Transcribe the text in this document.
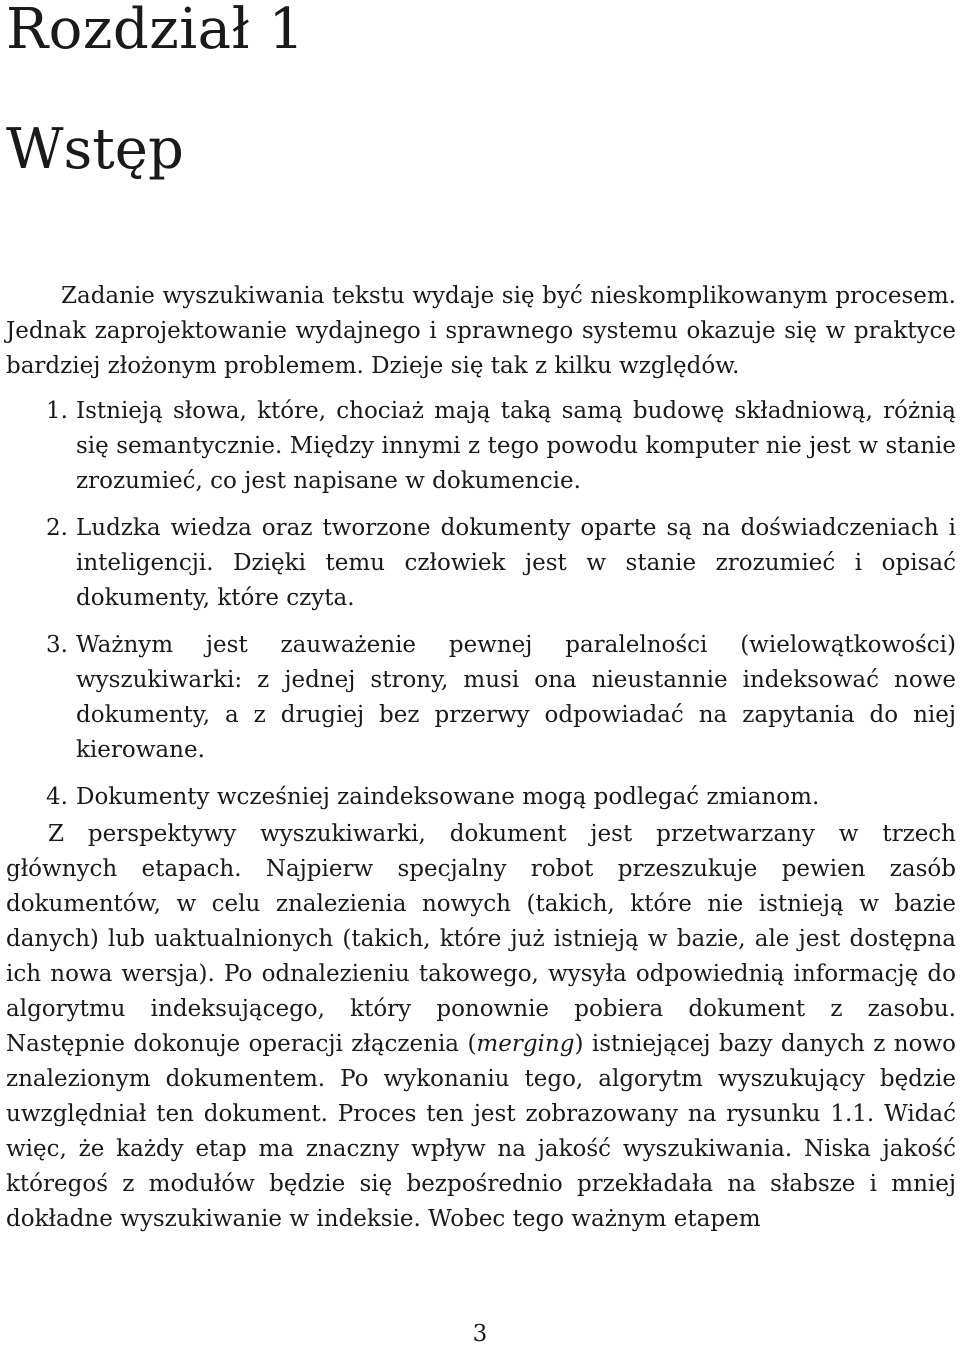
Rozdział 1
Wstęp

Zadanie wyszukiwania tekstu wydaje się być nieskomplikowanym procesem. Jednak zaprojektowanie wydajnego i sprawnego systemu okazuje się w praktyce bardziej złożonym problemem. Dzieje się tak z kilku względów.

1. Istnieją słowa, które, chociaż mają taką samą budowę składniową, różnią się semantycznie. Między innymi z tego powodu komputer nie jest w stanie zrozumieć, co jest napisane w dokumencie.
2. Ludzka wiedza oraz tworzone dokumenty oparte są na doświadczeniach i inteligencji. Dzięki temu człowiek jest w stanie zrozumieć i opisać dokumenty, które czyta.
3. Ważnym jest zauważenie pewnej paralelności (wielowątkowości) wyszukiwarki: z jednej strony, musi ona nieustannie indeksować nowe dokumenty, a z drugiej bez przerwy odpowiadać na zapytania do niej kierowane.
4. Dokumenty wcześniej zaindeksowane mogą podlegać zmianom.

Z perspektywy wyszukiwarki, dokument jest przetwarzany w trzech głównych etapach. Najpierw specjalny robot przeszukuje pewien zasób dokumentów, w celu znalezienia nowych (takich, które nie istnieją w bazie danych) lub uaktualnionych (takich, które już istnieją w bazie, ale jest dostępna ich nowa wersja). Po odnalezieniu takowego, wysyła odpowiednią informację do algorytmu indeksującego, który ponownie pobiera dokument z zasobu. Następnie dokonuje operacji złączenia (merging) istniejącej bazy danych z nowo znalezionym dokumentem. Po wykonaniu tego, algorytm wyszukujący będzie uwzględniał ten dokument. Proces ten jest zobrazowany na rysunku 1.1. Widać więc, że każdy etap ma znaczny wpływ na jakość wyszukiwania. Niska jakość któregoś z modułów będzie się bezpośrednio przekładała na słabsze i mniej dokładne wyszukiwanie w indeksie. Wobec tego ważnym etapem

3
